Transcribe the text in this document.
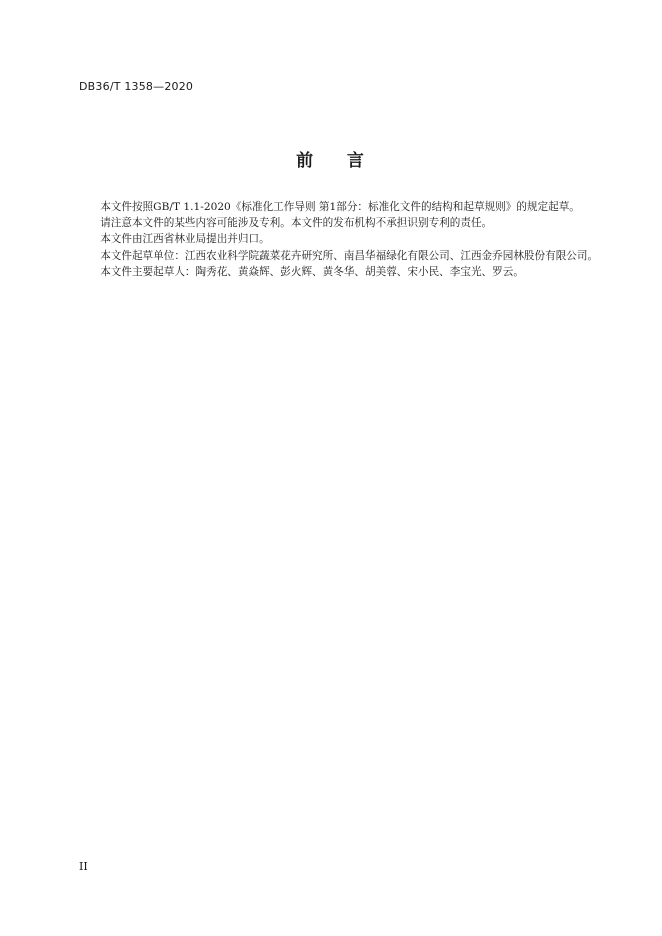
DB36/T 1358—2020
前    言

本文件按照GB/T 1.1-2020《标准化工作导则 第1部分：标准化文件的结构和起草规则》的规定起草。

请注意本文件的某些内容可能涉及专利。本文件的发布机构不承担识别专利的责任。

本文件由江西省林业局提出并归口。

本文件起草单位：江西农业科学院蔬菜花卉研究所、南昌华福绿化有限公司、江西金乔园林股份有限公司。

本文件主要起草人：陶秀花、黄焱辉、彭火辉、黄冬华、胡美蓉、宋小民、李宝光、罗云。

II
